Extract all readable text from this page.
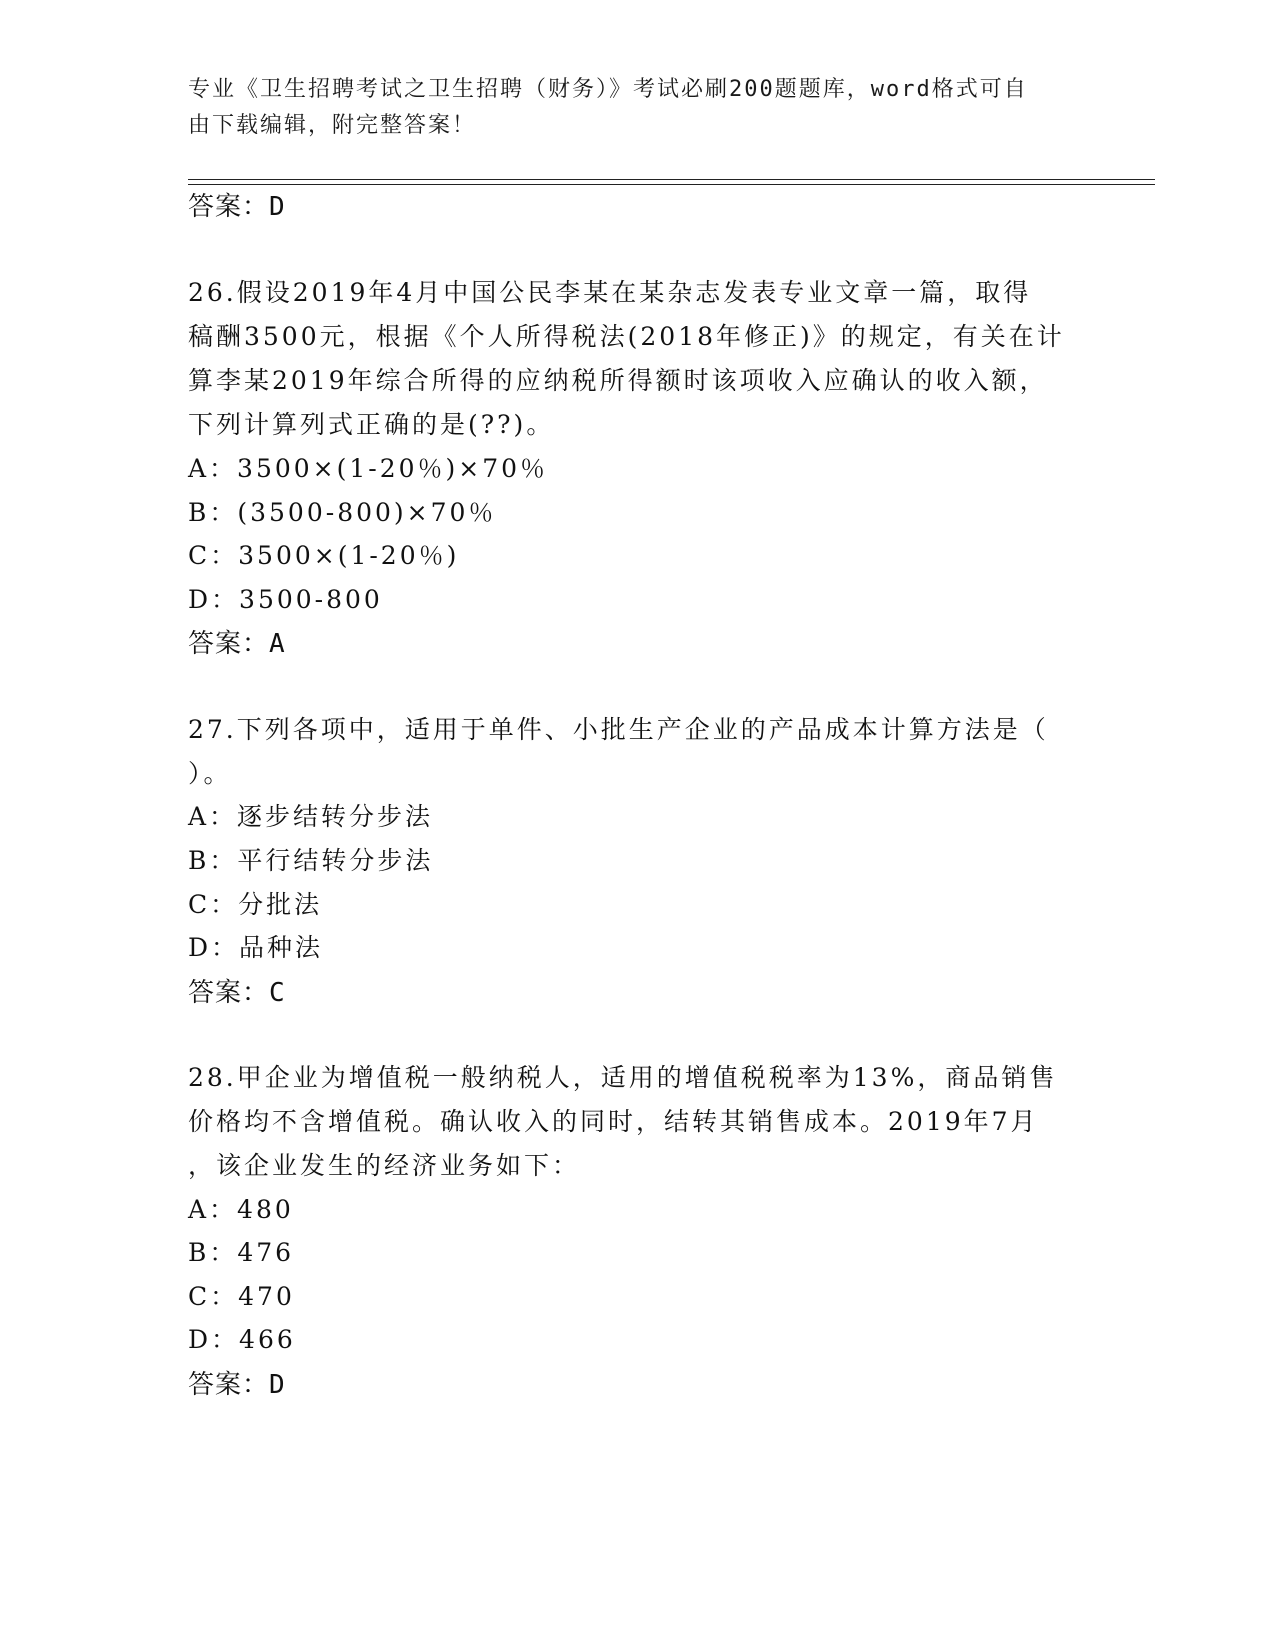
专业《卫生招聘考试之卫生招聘（财务）》考试必刷200题题库，word格式可自
由下载编辑，附完整答案！
答案：D
26.假设2019年4月中国公民李某在某杂志发表专业文章一篇，取得
稿酬3500元，根据《个人所得税法(2018年修正)》的规定，有关在计
算李某2019年综合所得的应纳税所得额时该项收入应确认的收入额，
下列计算列式正确的是(??)。
A：3500×(1-20％)×70％
B：(3500-800)×70％
C：3500×(1-20％)
D：3500-800
答案：A
27.下列各项中，适用于单件、小批生产企业的产品成本计算方法是（
）。
A：逐步结转分步法
B：平行结转分步法
C：分批法
D：品种法
答案：C
28.甲企业为增值税一般纳税人，适用的增值税税率为13%，商品销售
价格均不含增值税。确认收入的同时，结转其销售成本。2019年7月
，该企业发生的经济业务如下：
A：480
B：476
C：470
D：466
答案：D
